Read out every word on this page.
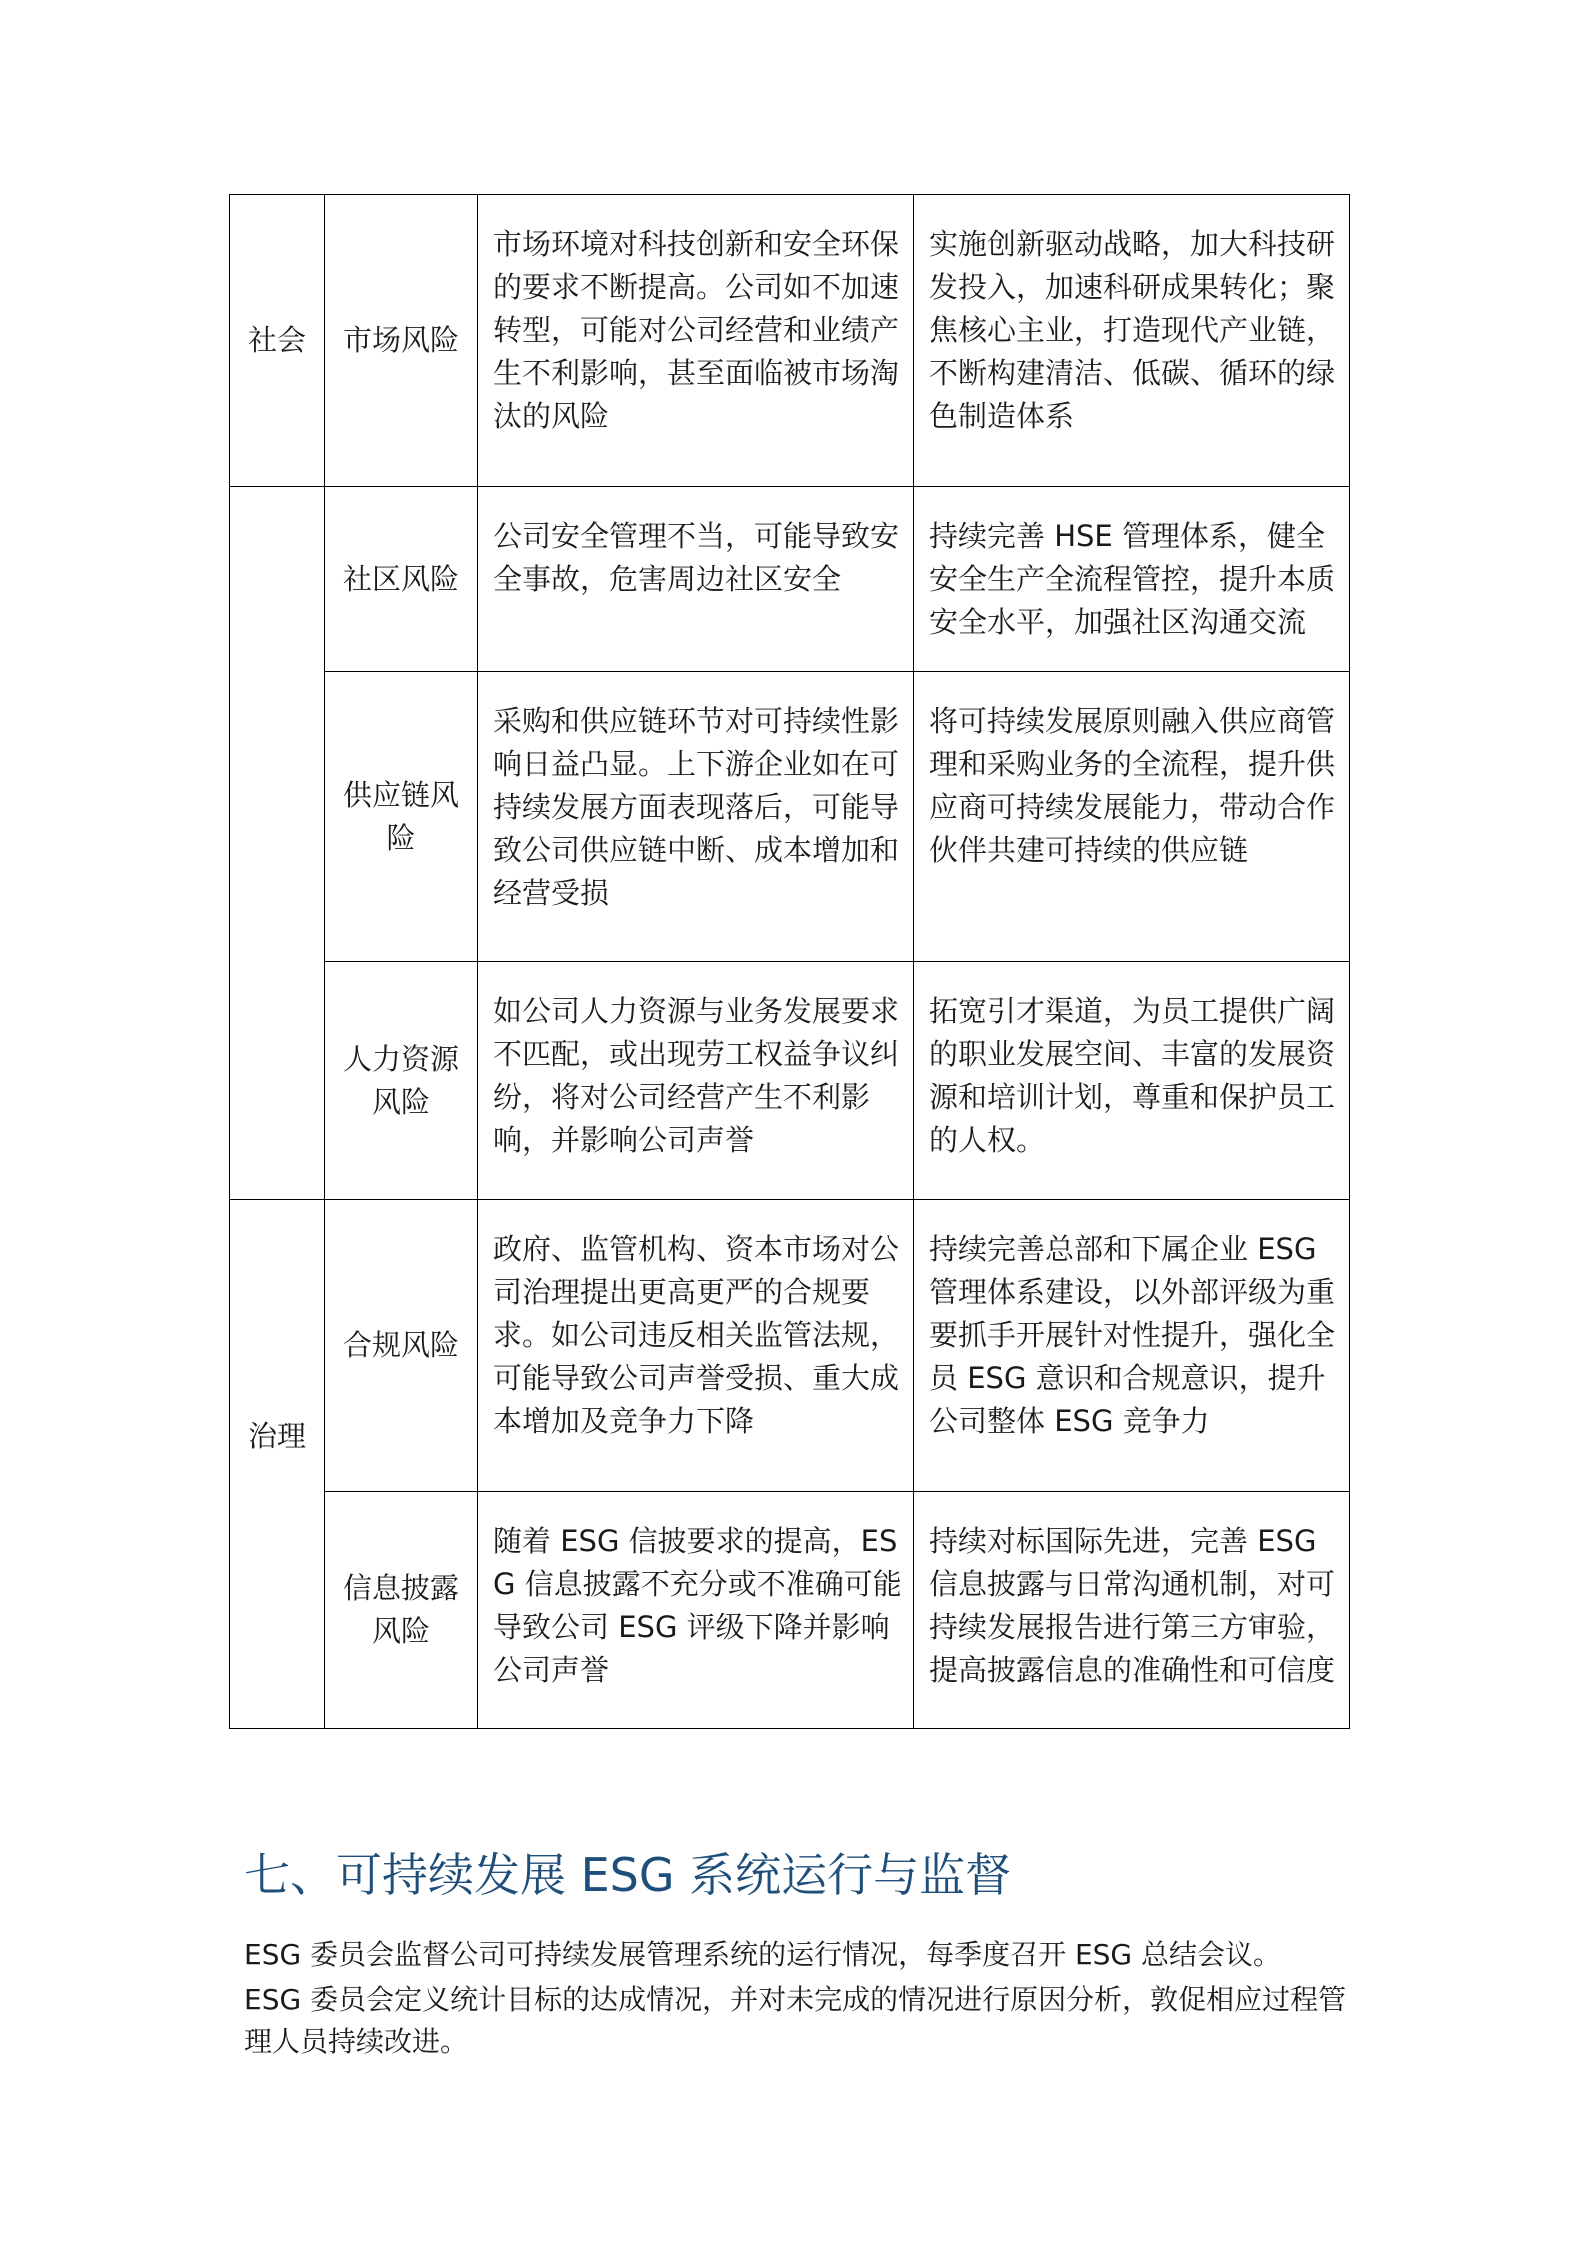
社会	市场风险	市场环境对科技创新和安全环保的要求不断提高。公司如不加速转型，可能对公司经营和业绩产生不利影响，甚至面临被市场淘汰的风险	实施创新驱动战略，加大科技研发投入，加速科研成果转化；聚焦核心主业，打造现代产业链，不断构建清洁、低碳、循环的绿色制造体系
	社区风险	公司安全管理不当，可能导致安全事故，危害周边社区安全	持续完善 HSE 管理体系，健全安全生产全流程管控，提升本质安全水平，加强社区沟通交流
	供应链风险	采购和供应链环节对可持续性影响日益凸显。上下游企业如在可持续发展方面表现落后，可能导致公司供应链中断、成本增加和经营受损	将可持续发展原则融入供应商管理和采购业务的全流程，提升供应商可持续发展能力，带动合作伙伴共建可持续的供应链
	人力资源风险	如公司人力资源与业务发展要求不匹配，或出现劳工权益争议纠纷，将对公司经营产生不利影响，并影响公司声誉	拓宽引才渠道，为员工提供广阔的职业发展空间、丰富的发展资源和培训计划，尊重和保护员工的人权。
治理	合规风险	政府、监管机构、资本市场对公司治理提出更高更严的合规要求。如公司违反相关监管法规，可能导致公司声誉受损、重大成本增加及竞争力下降	持续完善总部和下属企业 ESG 管理体系建设，以外部评级为重要抓手开展针对性提升，强化全员 ESG 意识和合规意识，提升公司整体 ESG 竞争力
	信息披露风险	随着 ESG 信披要求的提高，ESG 信息披露不充分或不准确可能导致公司 ESG 评级下降并影响公司声誉	持续对标国际先进，完善 ESG 信息披露与日常沟通机制，对可持续发展报告进行第三方审验，提高披露信息的准确性和可信度
七、可持续发展 ESG 系统运行与监督

ESG 委员会监督公司可持续发展管理系统的运行情况，每季度召开 ESG 总结会议。

ESG 委员会定义统计目标的达成情况，并对未完成的情况进行原因分析，敦促相应过程管理人员持续改进。
